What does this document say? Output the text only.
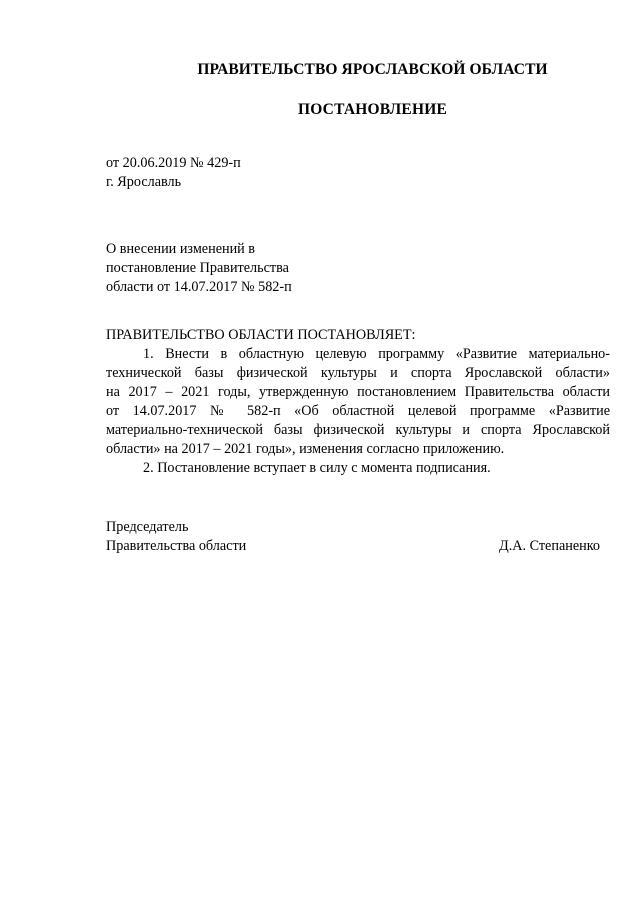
ПРАВИТЕЛЬСТВО ЯРОСЛАВСКОЙ ОБЛАСТИ
ПОСТАНОВЛЕНИЕ
от 20.06.2019 № 429-п
г. Ярославль
О внесении изменений в
постановление Правительства
области от 14.07.2017 № 582-п
ПРАВИТЕЛЬСТВО ОБЛАСТИ ПОСТАНОВЛЯЕТ:
1. Внести в областную целевую программу «Развитие материально-
технической базы физической культуры и спорта Ярославской области»
на 2017 – 2021 годы, утвержденную постановлением Правительства области
от 14.07.2017 № 582-п «Об областной целевой программе «Развитие
материально-технической базы физической культуры и спорта Ярославской
области» на 2017 – 2021 годы», изменения согласно приложению.
2. Постановление вступает в силу с момента подписания.
Председатель
Правительства области	Д.А. Степаненко
